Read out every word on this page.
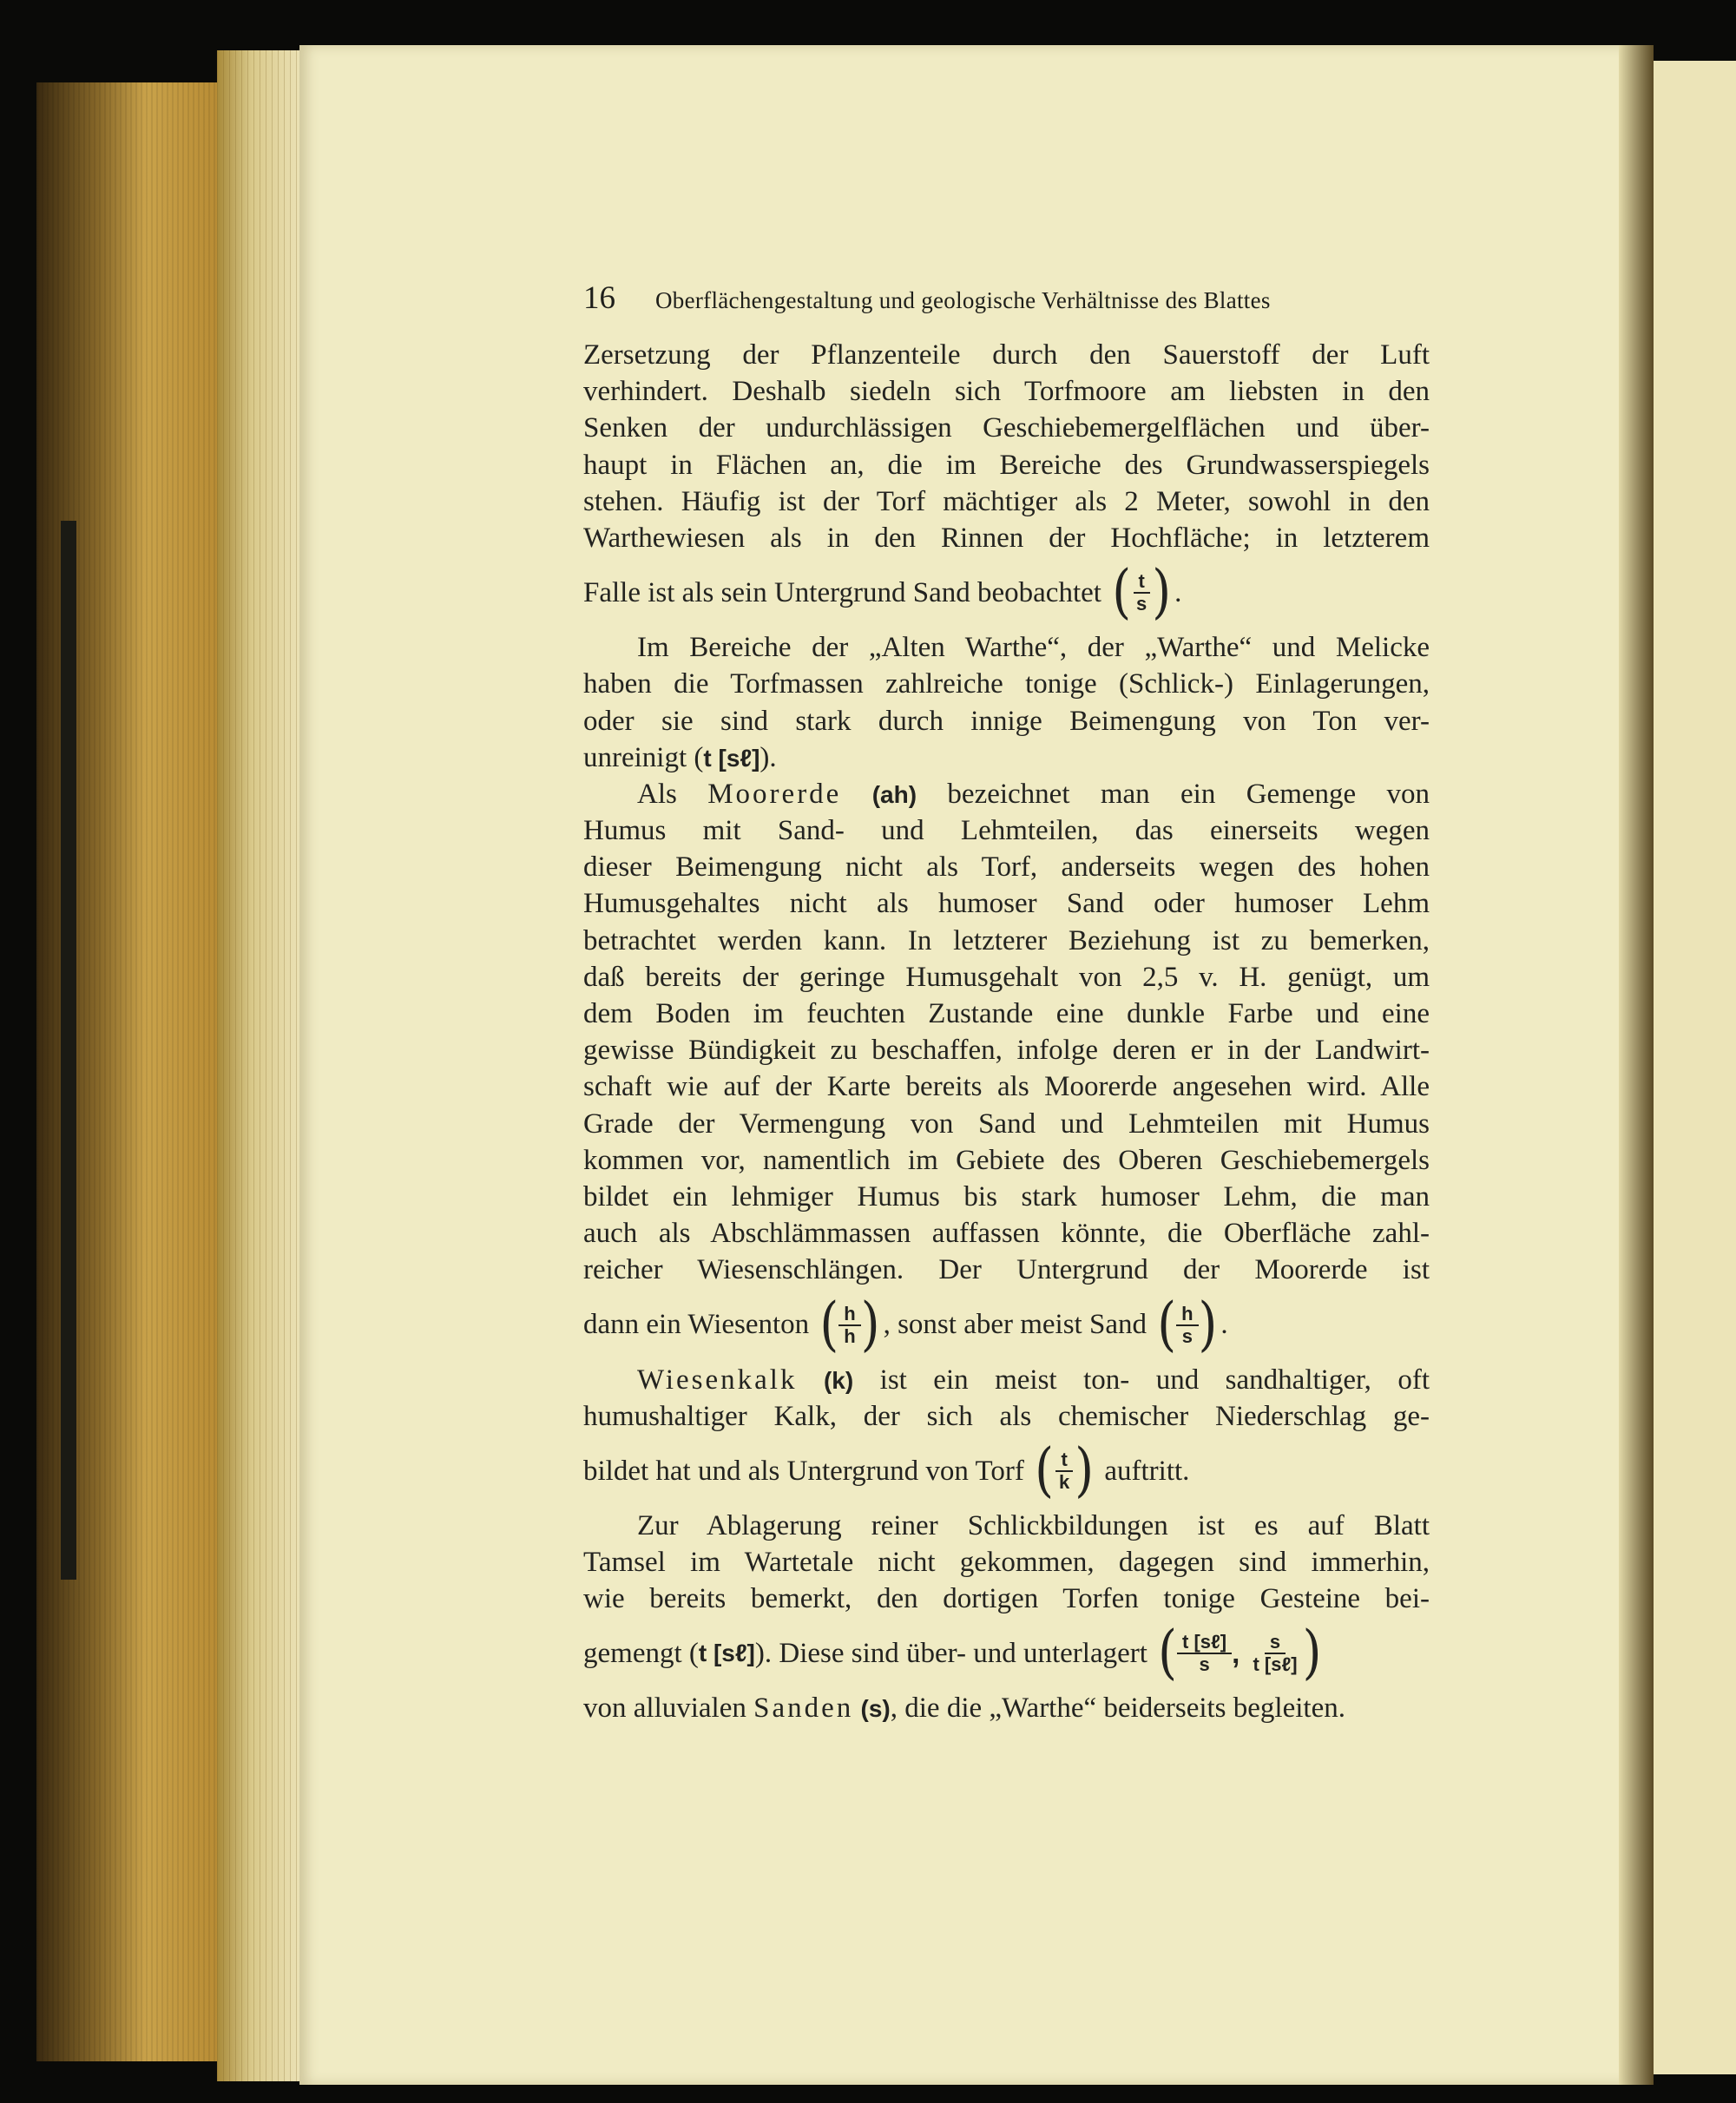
16 Oberflächengestaltung und geologische Verhältnisse des Blattes
Zersetzung der Pflanzenteile durch den Sauerstoff der Luft
verhindert. Deshalb siedeln sich Torfmoore am liebsten in den
Senken der undurchlässigen Geschiebemergelflächen und über-
haupt in Flächen an, die im Bereiche des Grundwasserspiegels
stehen. Häufig ist der Torf mächtiger als 2 Meter, sowohl in den
Warthewiesen als in den Rinnen der Hochfläche; in letzterem
Falle ist als sein Untergrund Sand beobachtet
( $\frac{t}{s}$ ) .
Im Bereiche der „Alten Warthe“, der „Warthe“ und Melicke
haben die Torfmassen zahlreiche tonige (Schlick-) Einlagerungen,
oder sie sind stark durch innige Beimengung von Ton ver-
unreinigt (t [sℓ]).
Als Moorerde (ah) bezeichnet man ein Gemenge von
Humus mit Sand- und Lehmteilen, das einerseits wegen
dieser Beimengung nicht als Torf, anderseits wegen des hohen
Humusgehaltes nicht als humoser Sand oder humoser Lehm
betrachtet werden kann. In letzterer Beziehung ist zu bemerken,
daß bereits der geringe Humusgehalt von 2,5 v. H. genügt, um
dem Boden im feuchten Zustande eine dunkle Farbe und eine
gewisse Bündigkeit zu beschaffen, infolge deren er in der Landwirt-
schaft wie auf der Karte bereits als Moorerde angesehen wird. Alle
Grade der Vermengung von Sand und Lehmteilen mit Humus
kommen vor, namentlich im Gebiete des Oberen Geschiebemergels
bildet ein lehmiger Humus bis stark humoser Lehm, die man
auch als Abschlämmassen auffassen könnte, die Oberfläche zahl-
reicher Wiesenschlängen. Der Untergrund der Moorerde ist
dann ein Wiesenton
( $\frac{h}{h}$ ) , sonst aber meist Sand
( $\frac{h}{s}$ ) .
Wiesenkalk (k) ist ein meist ton- und sandhaltiger, oft
humushaltiger Kalk, der sich als chemischer Niederschlag ge-
bildet hat und als Untergrund von Torf
( $\frac{t}{k}$ )
auftritt.
Zur Ablagerung reiner Schlickbildungen ist es auf Blatt
Tamsel im Wartetale nicht gekommen, dagegen sind immerhin,
wie bereits bemerkt, den dortigen Torfen tonige Gesteine bei-
gemengt ( t [sℓ] ). Diese sind über- und unterlagert
( $\frac{\text{t [sℓ]}}{s}$ , $\frac{s}{\text{t [sℓ]}}$ )
von alluvialen Sanden (s), die die „Warthe“ beiderseits begleiten.
